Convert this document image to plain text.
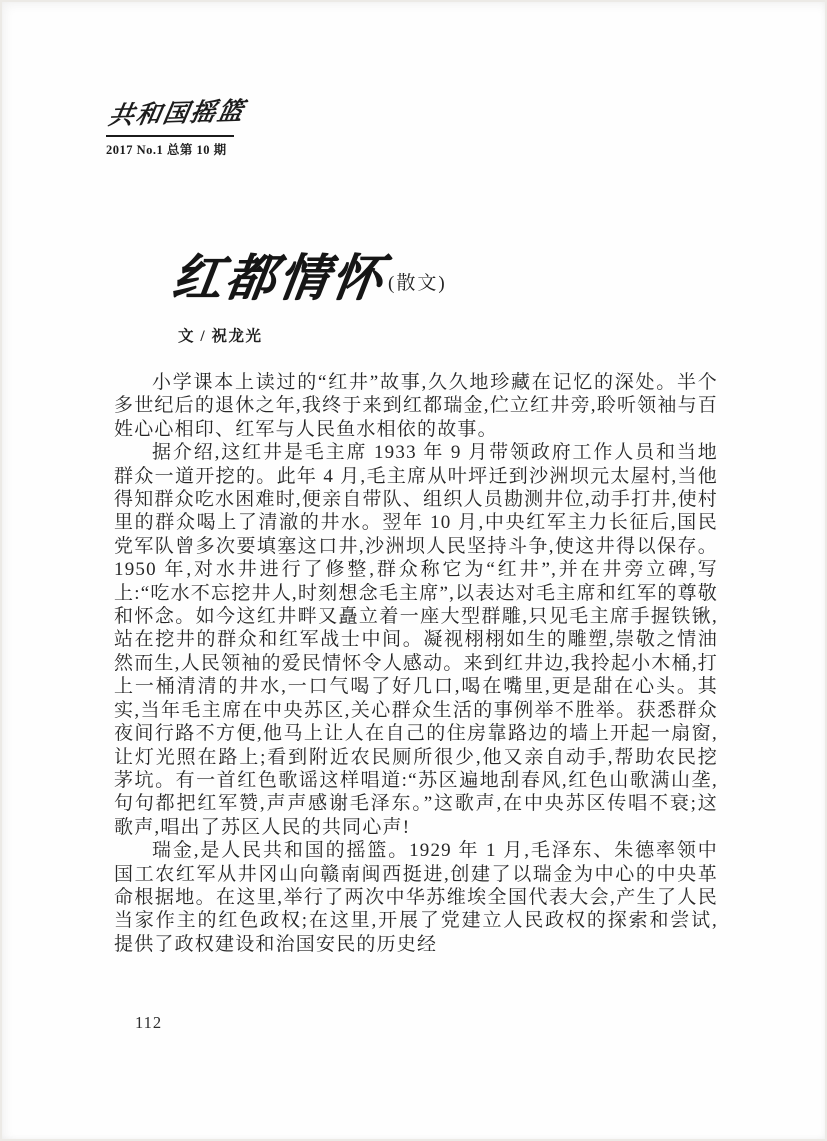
共和国摇篮
2017 No.1 总第 10 期
红都情怀(散文)
文 / 祝龙光

小学课本上读过的“红井”故事,久久地珍藏在记忆的深处。半个多世纪后的退休之年,我终于来到红都瑞金,伫立红井旁,聆听领袖与百姓心心相印、红军与人民鱼水相依的故事。

据介绍,这红井是毛主席 1933 年 9 月带领政府工作人员和当地群众一道开挖的。此年 4 月,毛主席从叶坪迁到沙洲坝元太屋村,当他得知群众吃水困难时,便亲自带队、组织人员勘测井位,动手打井,使村里的群众喝上了清澈的井水。翌年 10 月,中央红军主力长征后,国民党军队曾多次要填塞这口井,沙洲坝人民坚持斗争,使这井得以保存。1950 年,对水井进行了修整,群众称它为“红井”,并在井旁立碑,写上:“吃水不忘挖井人,时刻想念毛主席”,以表达对毛主席和红军的尊敬和怀念。如今这红井畔又矗立着一座大型群雕,只见毛主席手握铁锹,站在挖井的群众和红军战士中间。凝视栩栩如生的雕塑,崇敬之情油然而生,人民领袖的爱民情怀令人感动。来到红井边,我拎起小木桶,打上一桶清清的井水,一口气喝了好几口,喝在嘴里,更是甜在心头。其实,当年毛主席在中央苏区,关心群众生活的事例举不胜举。获悉群众夜间行路不方便,他马上让人在自己的住房靠路边的墙上开起一扇窗,让灯光照在路上;看到附近农民厕所很少,他又亲自动手,帮助农民挖茅坑。有一首红色歌谣这样唱道:“苏区遍地刮春风,红色山歌满山垄,句句都把红军赞,声声感谢毛泽东。”这歌声,在中央苏区传唱不衰;这歌声,唱出了苏区人民的共同心声!

瑞金,是人民共和国的摇篮。1929 年 1 月,毛泽东、朱德率领中国工农红军从井冈山向赣南闽西挺进,创建了以瑞金为中心的中央革命根据地。在这里,举行了两次中华苏维埃全国代表大会,产生了人民当家作主的红色政权;在这里,开展了党建立人民政权的探索和尝试,提供了政权建设和治国安民的历史经

112
